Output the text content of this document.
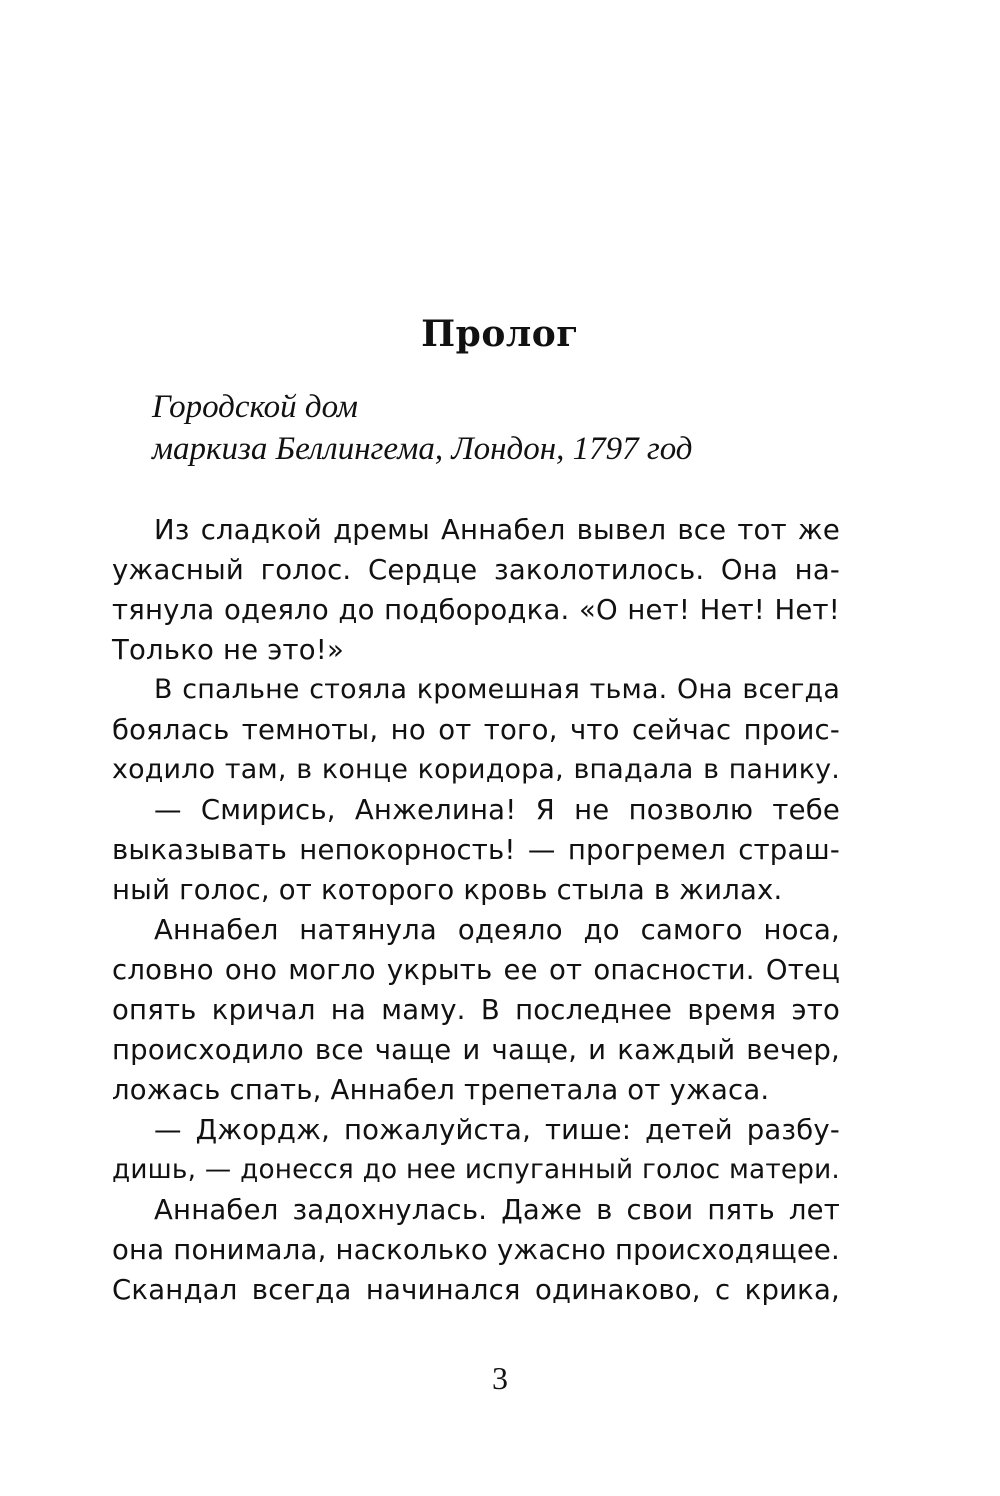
Пролог
Городской дом
маркиза Беллингема, Лондон, 1797 год
Из сладкой дремы Аннабел вывел все тот же
ужасный голос. Сердце заколотилось. Она на-
тянула одеяло до подбородка. «О нет! Нет! Нет!
Только не это!»
В спальне стояла кромешная тьма. Она всегда
боялась темноты, но от того, что сейчас проис-
ходило там, в конце коридора, впадала в панику.
— Смирись, Анжелина! Я не позволю тебе
выказывать непокорность! — прогремел страш-
ный голос, от которого кровь стыла в жилах.
Аннабел натянула одеяло до самого носа,
словно оно могло укрыть ее от опасности. Отец
опять кричал на маму. В последнее время это
происходило все чаще и чаще, и каждый вечер,
ложась спать, Аннабел трепетала от ужаса.
— Джордж, пожалуйста, тише: детей разбу-
дишь, — донесся до нее испуганный голос матери.
Аннабел задохнулась. Даже в свои пять лет
она понимала, насколько ужасно происходящее.
Скандал всегда начинался одинаково, с крика,
3
